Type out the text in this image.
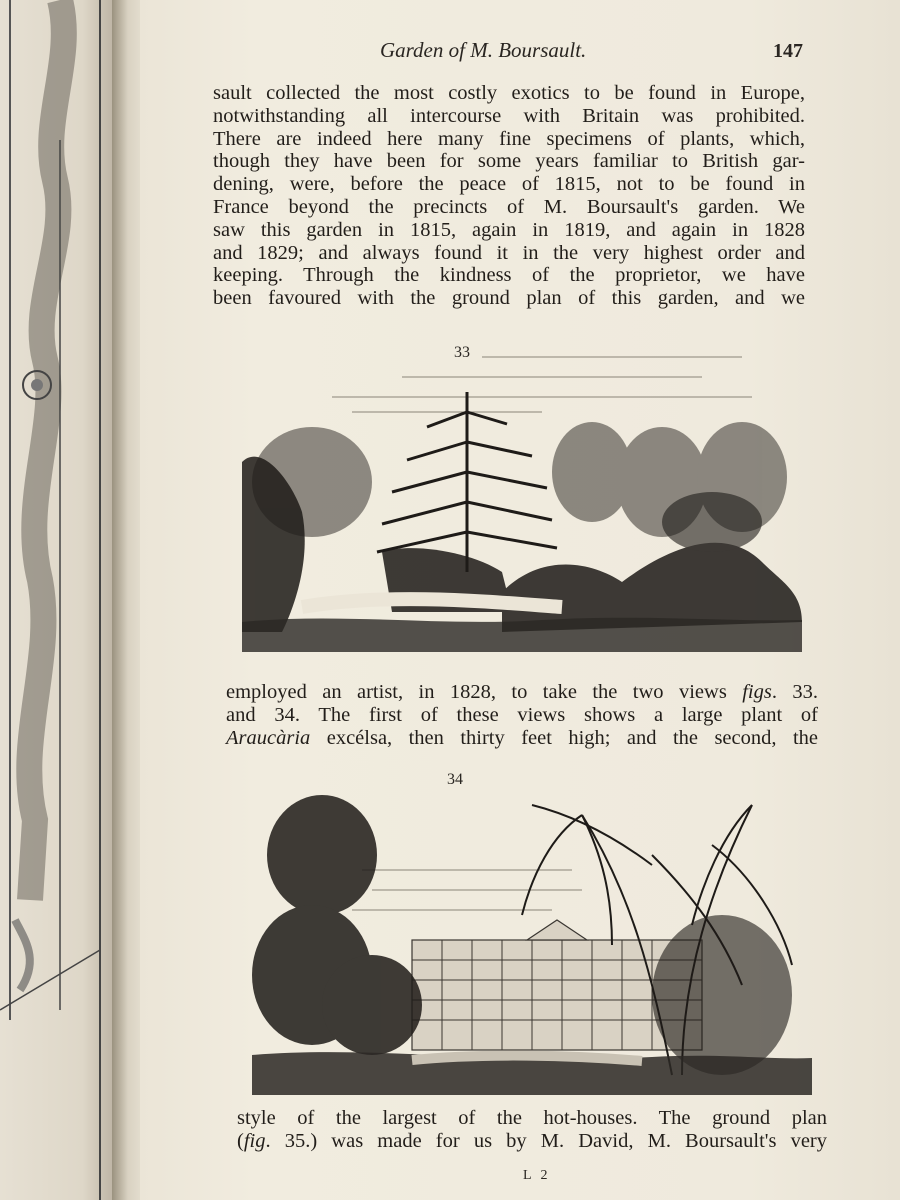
Garden of M. Boursault.	147
sault collected the most costly exotics to be found in Europe,
notwithstanding all intercourse with Britain was prohibited.
There are indeed here many fine specimens of plants, which,
though they have been for some years familiar to British gar-
dening, were, before the peace of 1815, not to be found in
France beyond the precincts of M. Boursault's garden. We
saw this garden in 1815, again in 1819, and again in 1828
and 1829; and always found it in the very highest order and
keeping. Through the kindness of the proprietor, we have
been favoured with the ground plan of this garden, and we
33
employed an artist, in 1828, to take the two views figs. 33.
and 34. The first of these views shows a large plant of
Araucària excélsa, then thirty feet high; and the second, the
34
style of the largest of the hot-houses. The ground plan
(fig. 35.) was made for us by M. David, M. Boursault's very
L 2
